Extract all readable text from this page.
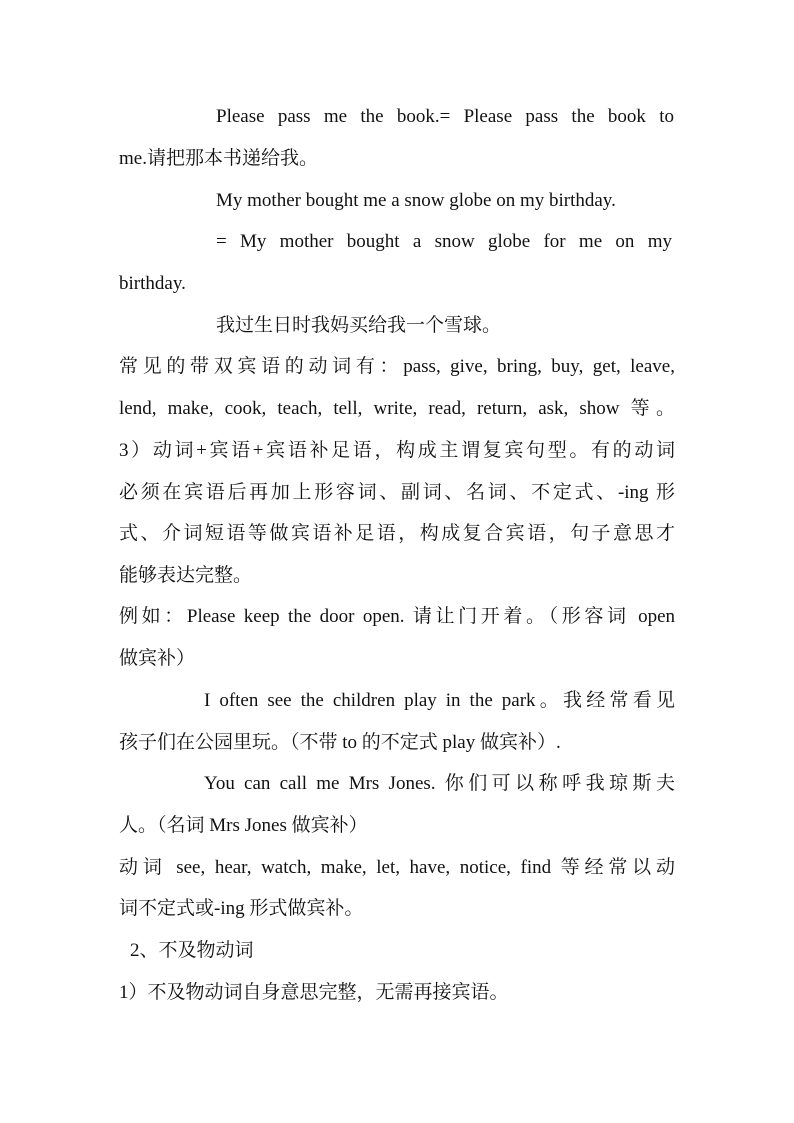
Please pass me the book.= Please pass the book to
me.请把那本书递给我。
My mother bought me a snow globe on my birthday.
= My mother bought a snow globe for me on my
birthday.
我过生日时我妈买给我一个雪球。
常见的带双宾语的动词有：pass, give, bring, buy, get, leave,
lend, make, cook, teach, tell, write, read, return, ask, show 等。
3）动词+宾语+宾语补足语，构成主谓复宾句型。有的动词
必须在宾语后再加上形容词、副词、名词、不定式、-ing 形
式、介词短语等做宾语补足语，构成复合宾语，句子意思才
能够表达完整。
例如：Please keep the door open. 请让门开着。（形容词 open
做宾补）
I often see the children play in the park。我经常看见
孩子们在公园里玩。（不带 to 的不定式 play 做宾补）.
You can call me Mrs Jones. 你们可以称呼我琼斯夫
人。（名词 Mrs Jones 做宾补）
动词 see, hear, watch, make, let, have, notice, find 等经常以动
词不定式或-ing 形式做宾补。
2、不及物动词
1）不及物动词自身意思完整，无需再接宾语。
